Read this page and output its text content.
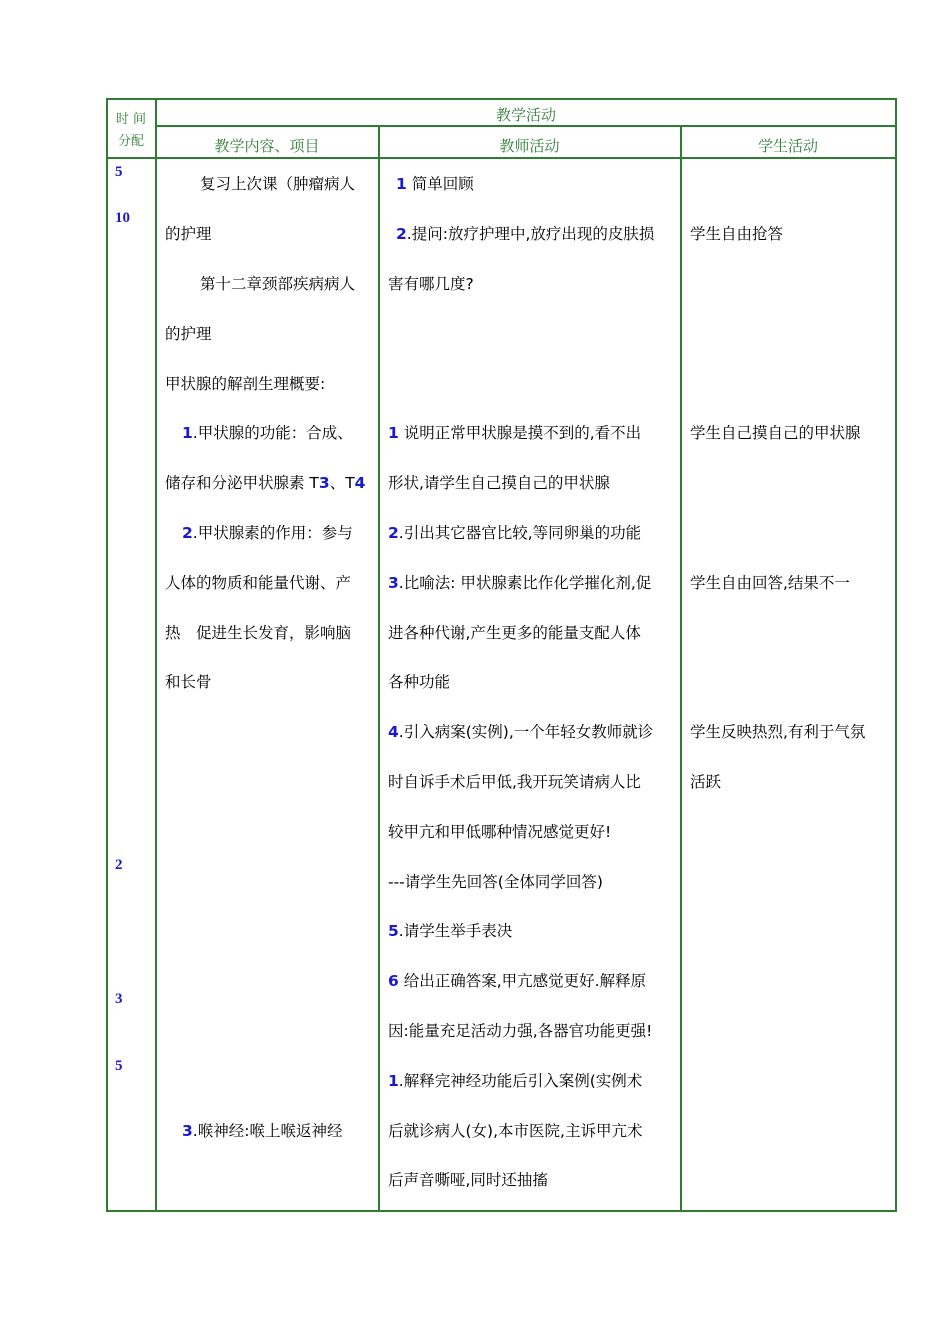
时 间
分配
教学活动
教学内容、项目	教师活动	学生活动
5
10
2
3
5
复习上次课（肿瘤病人
的护理
第十二章颈部疾病病人
的护理
甲状腺的解剖生理概要:
1.甲状腺的功能：合成、
储存和分泌甲状腺素 T3、T4
2.甲状腺素的作用：参与
人体的物质和能量代谢、产
热　促进生长发育，影响脑
和长骨
3.喉神经:喉上喉返神经
1 简单回顾
2.提问:放疗护理中,放疗出现的皮肤损
害有哪几度?
1 说明正常甲状腺是摸不到的,看不出
形状,请学生自己摸自己的甲状腺
2.引出其它器官比较,等同卵巢的功能
3.比喻法: 甲状腺素比作化学摧化剂,促
进各种代谢,产生更多的能量支配人体
各种功能
4.引入病案(实例),一个年轻女教师就诊
时自诉手术后甲低,我开玩笑请病人比
较甲亢和甲低哪种情况感觉更好!
---请学生先回答(全体同学回答)
5.请学生举手表决
6 给出正确答案,甲亢感觉更好.解释原
因:能量充足活动力强,各器官功能更强!
1.解释完神经功能后引入案例(实例术
后就诊病人(女),本市医院,主诉甲亢术
后声音嘶哑,同时还抽搐
学生自由抢答
学生自己摸自己的甲状腺
学生自由回答,结果不一
学生反映热烈,有利于气氛
活跃
